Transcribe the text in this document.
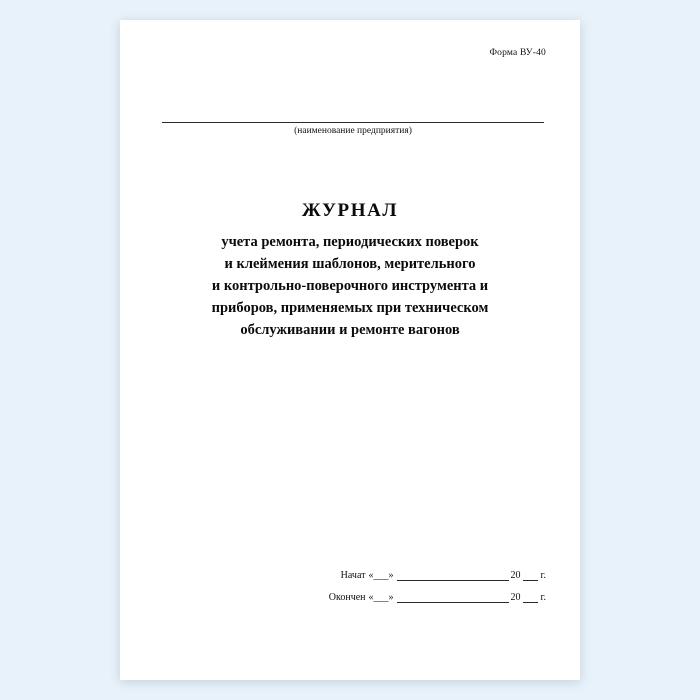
Форма ВУ-40
(наименование предприятия)
ЖУРНАЛ
учета ремонта, периодических поверок
и клеймения шаблонов, мерительного
и контрольно-поверочного инструмента и
приборов, применяемых при техническом
обслуживании и ремонте вагонов
Начат «___»	20 г.
Окончен «___»	20 г.
